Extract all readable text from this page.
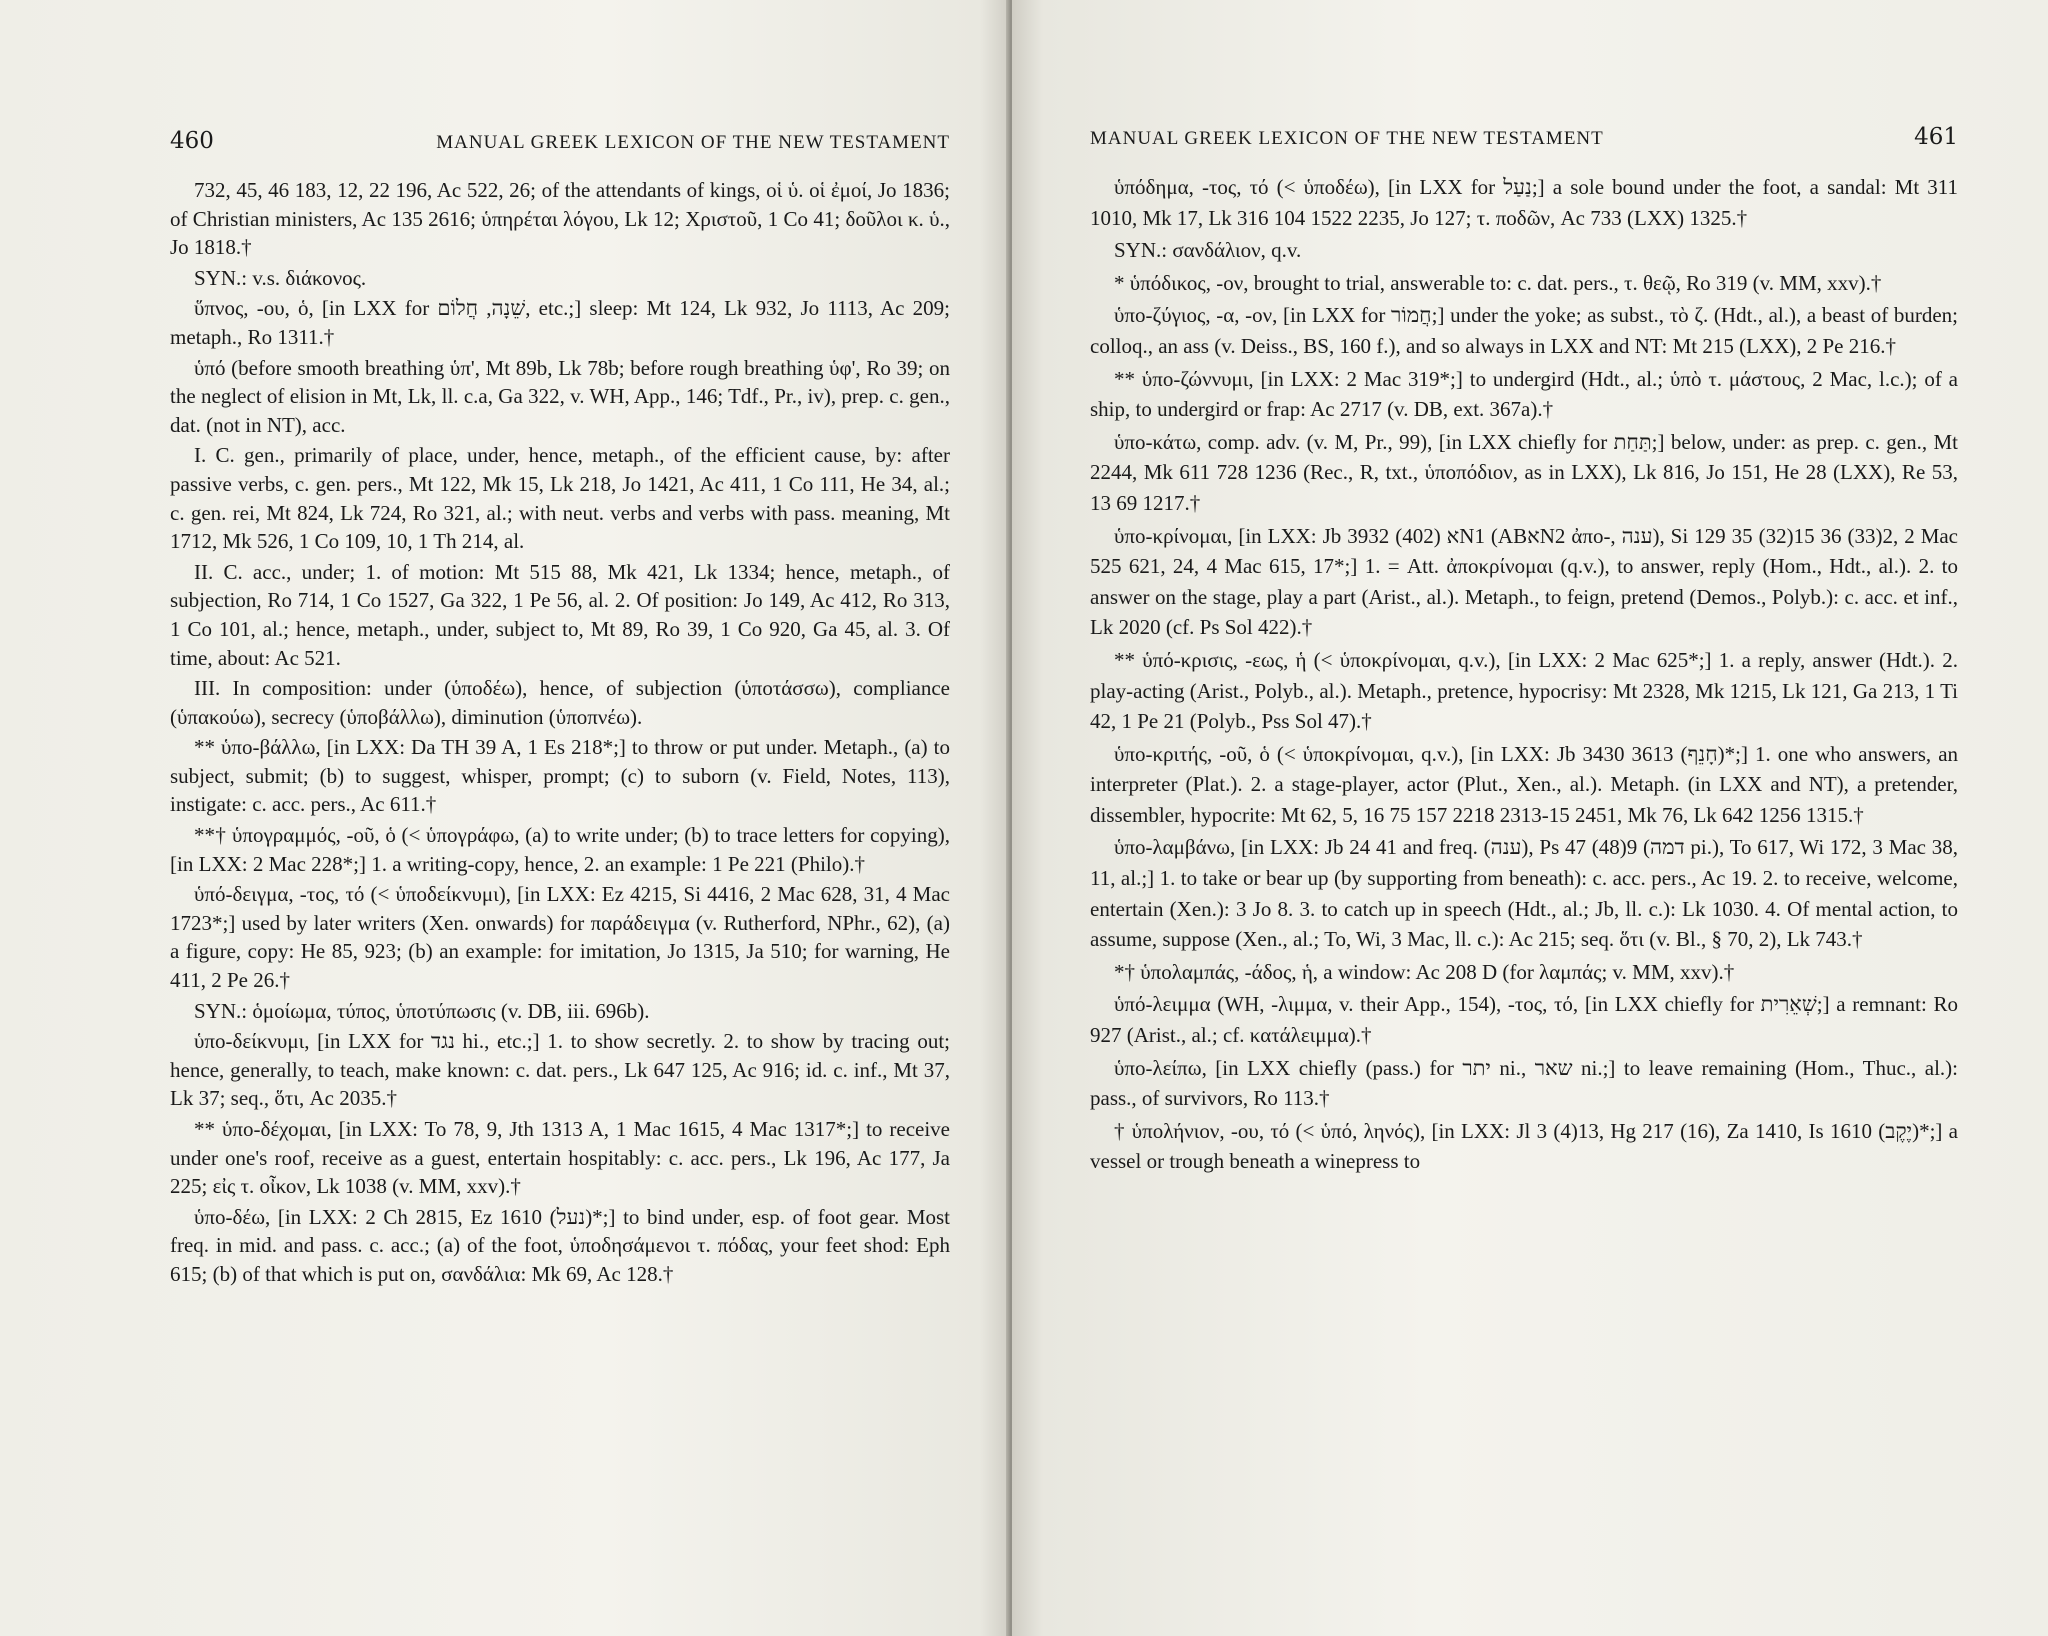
460	MANUAL GREEK LEXICON OF THE NEW TESTAMENT

732, 45, 46 183, 12, 22 196, Ac 522, 26; of the attendants of kings, οἱ ὑ. οἱ ἐμοί, Jo 1836; of Christian ministers, Ac 135 2616; ὑπηρέται λόγου, Lk 12; Χριστοῦ, 1 Co 41; δοῦλοι κ. ὑ., Jo 1818.†

SYN.: v.s. διάκονος.

ὕπνος, -ου, ὁ, [in LXX for שֵׁנָה, חֲלוֹם, etc.;] sleep: Mt 124, Lk 932, Jo 1113, Ac 209; metaph., Ro 1311.†

ὑπό (before smooth breathing ὑπ', Mt 89b, Lk 78b; before rough breathing ὑφ', Ro 39; on the neglect of elision in Mt, Lk, ll. c.a, Ga 322, v. WH, App., 146; Tdf., Pr., iv), prep. c. gen., dat. (not in NT), acc.

I. C. gen., primarily of place, under, hence, metaph., of the efficient cause, by: after passive verbs, c. gen. pers., Mt 122, Mk 15, Lk 218, Jo 1421, Ac 411, 1 Co 111, He 34, al.; c. gen. rei, Mt 824, Lk 724, Ro 321, al.; with neut. verbs and verbs with pass. meaning, Mt 1712, Mk 526, 1 Co 109, 10, 1 Th 214, al.

II. C. acc., under; 1. of motion: Mt 515 88, Mk 421, Lk 1334; hence, metaph., of subjection, Ro 714, 1 Co 1527, Ga 322, 1 Pe 56, al. 2. Of position: Jo 149, Ac 412, Ro 313, 1 Co 101, al.; hence, metaph., under, subject to, Mt 89, Ro 39, 1 Co 920, Ga 45, al. 3. Of time, about: Ac 521.

III. In composition: under (ὑποδέω), hence, of subjection (ὑποτάσσω), compliance (ὑπακούω), secrecy (ὑποβάλλω), diminution (ὑποπνέω).

** ὑπο-βάλλω, [in LXX: Da TH 39 A, 1 Es 218*;] to throw or put under. Metaph., (a) to subject, submit; (b) to suggest, whisper, prompt; (c) to suborn (v. Field, Notes, 113), instigate: c. acc. pers., Ac 611.†

**† ὑπογραμμός, -οῦ, ὁ (< ὑπογράφω, (a) to write under; (b) to trace letters for copying), [in LXX: 2 Mac 228*;] 1. a writing-copy, hence, 2. an example: 1 Pe 221 (Philo).†

ὑπό-δειγμα, -τος, τό (< ὑποδείκνυμι), [in LXX: Ez 4215, Si 4416, 2 Mac 628, 31, 4 Mac 1723*;] used by later writers (Xen. onwards) for παράδειγμα (v. Rutherford, NPhr., 62), (a) a figure, copy: He 85, 923; (b) an example: for imitation, Jo 1315, Ja 510; for warning, He 411, 2 Pe 26.†

SYN.: ὁμοίωμα, τύπος, ὑποτύπωσις (v. DB, iii. 696b).

ὑπο-δείκνυμι, [in LXX for נגד hi., etc.;] 1. to show secretly. 2. to show by tracing out; hence, generally, to teach, make known: c. dat. pers., Lk 647 125, Ac 916; id. c. inf., Mt 37, Lk 37; seq., ὅτι, Ac 2035.†

** ὑπο-δέχομαι, [in LXX: To 78, 9, Jth 1313 A, 1 Mac 1615, 4 Mac 1317*;] to receive under one's roof, receive as a guest, entertain hospitably: c. acc. pers., Lk 196, Ac 177, Ja 225; εἰς τ. οἶκον, Lk 1038 (v. MM, xxv).†

ὑπο-δέω, [in LXX: 2 Ch 2815, Ez 1610 (נעל)*;] to bind under, esp. of foot gear. Most freq. in mid. and pass. c. acc.; (a) of the foot, ὑποδησάμενοι τ. πόδας, your feet shod: Eph 615; (b) of that which is put on, σανδάλια: Mk 69, Ac 128.†

MANUAL GREEK LEXICON OF THE NEW TESTAMENT	461

ὑπόδημα, -τος, τό (< ὑποδέω), [in LXX for נַעַל;] a sole bound under the foot, a sandal: Mt 311 1010, Mk 17, Lk 316 104 1522 2235, Jo 127; τ. ποδῶν, Ac 733 (LXX) 1325.†

SYN.: σανδάλιον, q.v.

* ὑπόδικος, -ον, brought to trial, answerable to: c. dat. pers., τ. θεῷ, Ro 319 (v. MM, xxv).†

ὑπο-ζύγιος, -α, -ον, [in LXX for חֲמוֹר;] under the yoke; as subst., τὸ ζ. (Hdt., al.), a beast of burden; colloq., an ass (v. Deiss., BS, 160 f.), and so always in LXX and NT: Mt 215 (LXX), 2 Pe 216.†

** ὑπο-ζώννυμι, [in LXX: 2 Mac 319*;] to undergird (Hdt., al.; ὑπὸ τ. μάστους, 2 Mac, l.c.); of a ship, to undergird or frap: Ac 2717 (v. DB, ext. 367a).†

ὑπο-κάτω, comp. adv. (v. M, Pr., 99), [in LXX chiefly for תַּחַת;] below, under: as prep. c. gen., Mt 2244, Mk 611 728 1236 (Rec., R, txt., ὑποπόδιον, as in LXX), Lk 816, Jo 151, He 28 (LXX), Re 53, 13 69 1217.†

ὑπο-κρίνομαι, [in LXX: Jb 3932 (402) אN1 (ABאN2 ἀπο-, ענה), Si 129 35 (32)15 36 (33)2, 2 Mac 525 621, 24, 4 Mac 615, 17*;] 1. = Att. ἀποκρίνομαι (q.v.), to answer, reply (Hom., Hdt., al.). 2. to answer on the stage, play a part (Arist., al.). Metaph., to feign, pretend (Demos., Polyb.): c. acc. et inf., Lk 2020 (cf. Ps Sol 422).†

** ὑπό-κρισις, -εως, ἡ (< ὑποκρίνομαι, q.v.), [in LXX: 2 Mac 625*;] 1. a reply, answer (Hdt.). 2. play-acting (Arist., Polyb., al.). Metaph., pretence, hypocrisy: Mt 2328, Mk 1215, Lk 121, Ga 213, 1 Ti 42, 1 Pe 21 (Polyb., Pss Sol 47).†

ὑπο-κριτής, -οῦ, ὁ (< ὑποκρίνομαι, q.v.), [in LXX: Jb 3430 3613 (חָנֵף)*;] 1. one who answers, an interpreter (Plat.). 2. a stage-player, actor (Plut., Xen., al.). Metaph. (in LXX and NT), a pretender, dissembler, hypocrite: Mt 62, 5, 16 75 157 2218 2313-15 2451, Mk 76, Lk 642 1256 1315.†

ὑπο-λαμβάνω, [in LXX: Jb 24 41 and freq. (ענה), Ps 47 (48)9 (דמה pi.), To 617, Wi 172, 3 Mac 38, 11, al.;] 1. to take or bear up (by supporting from beneath): c. acc. pers., Ac 19. 2. to receive, welcome, entertain (Xen.): 3 Jo 8. 3. to catch up in speech (Hdt., al.; Jb, ll. c.): Lk 1030. 4. Of mental action, to assume, suppose (Xen., al.; To, Wi, 3 Mac, ll. c.): Ac 215; seq. ὅτι (v. Bl., § 70, 2), Lk 743.†

*† ὑπολαμπάς, -άδος, ἡ, a window: Ac 208 D (for λαμπάς; v. MM, xxv).†

ὑπό-λειμμα (WH, -λιμμα, v. their App., 154), -τος, τό, [in LXX chiefly for שְׁאֵרִית;] a remnant: Ro 927 (Arist., al.; cf. κατάλειμμα).†

ὑπο-λείπω, [in LXX chiefly (pass.) for יתר ni., שאר ni.;] to leave remaining (Hom., Thuc., al.): pass., of survivors, Ro 113.†

† ὑπολήνιον, -ου, τό (< ὑπό, ληνός), [in LXX: Jl 3 (4)13, Hg 217 (16), Za 1410, Is 1610 (יֶקֶב)*;] a vessel or trough beneath a winepress to
